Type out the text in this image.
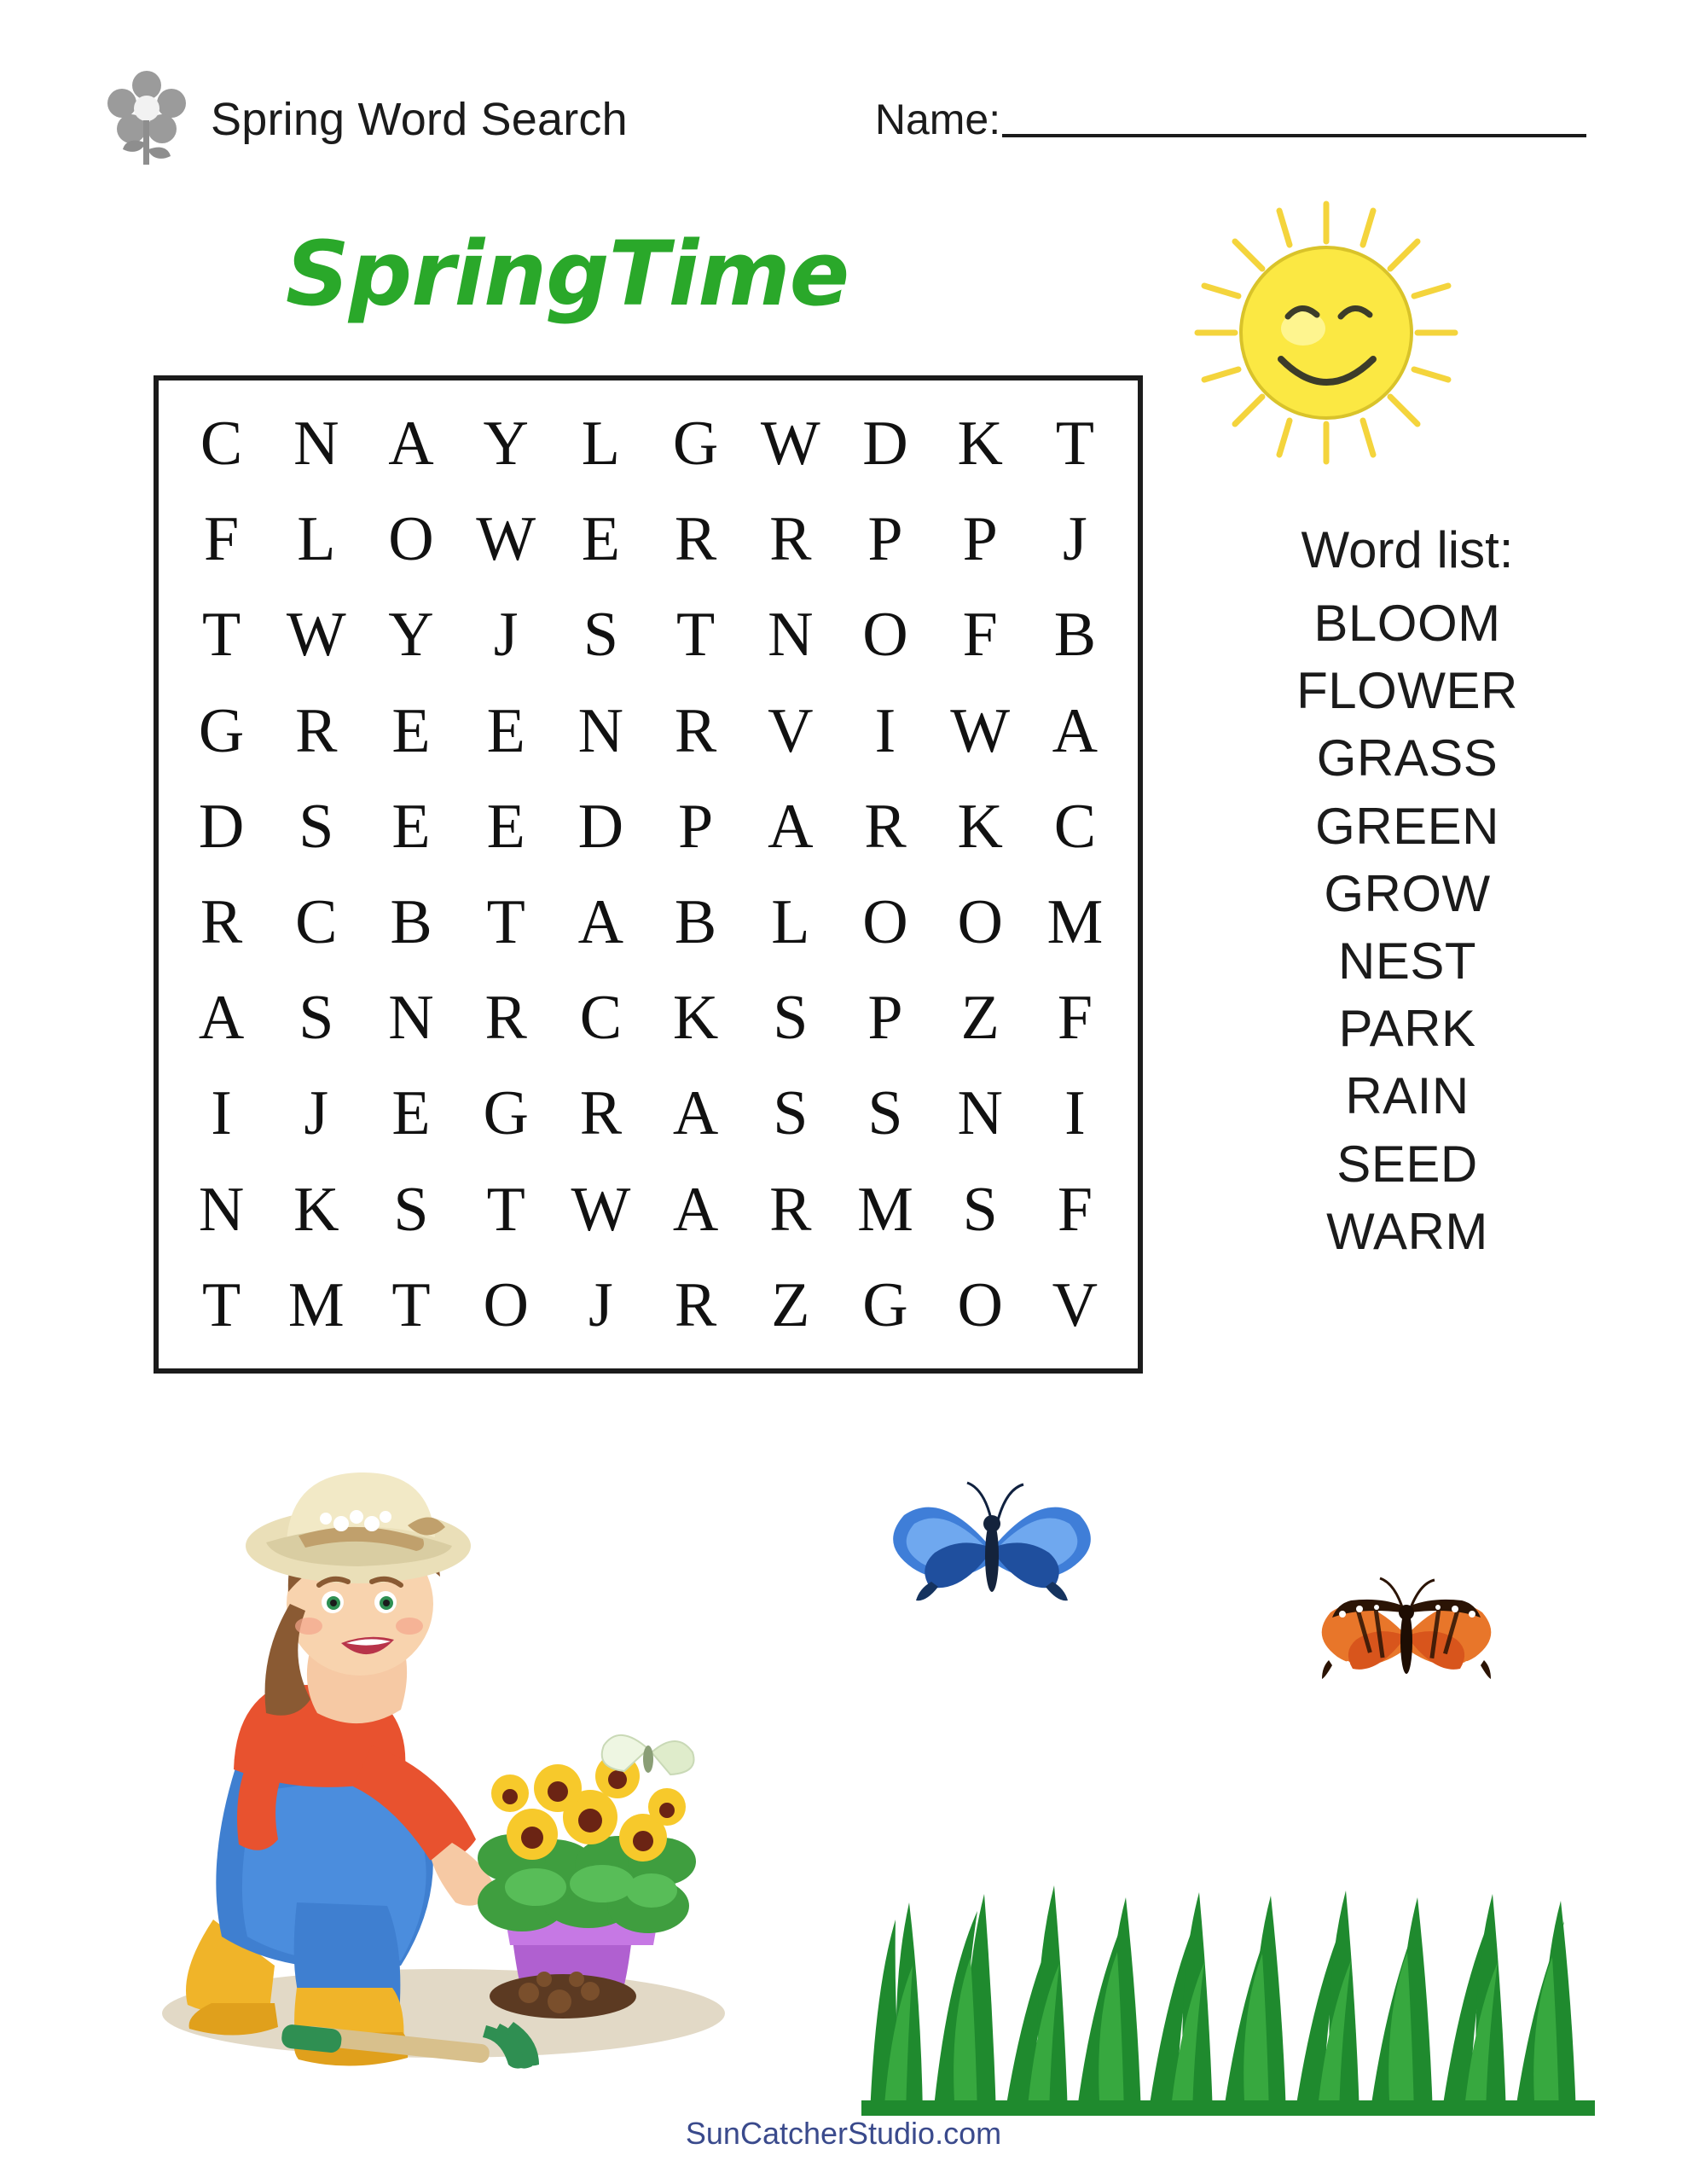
Spring Word Search	Name:
SpringTime
C N A Y L G W D K T
F L O W E R R P P	J
T W Y J	S T N O F B
G R E E N R V I W A
D S E E D P A R K C
R C B T A B L O O M
A S N R C K S P Z F
I	J	E G R A S S N I
N K S T W A R M S F
T M T O J R Z G O V
Word list:
BLOOM
FLOWER
GRASS
GREEN
GROW
NEST
PARK
RAIN
SEED
WARM
SunCatcherStudio.com
